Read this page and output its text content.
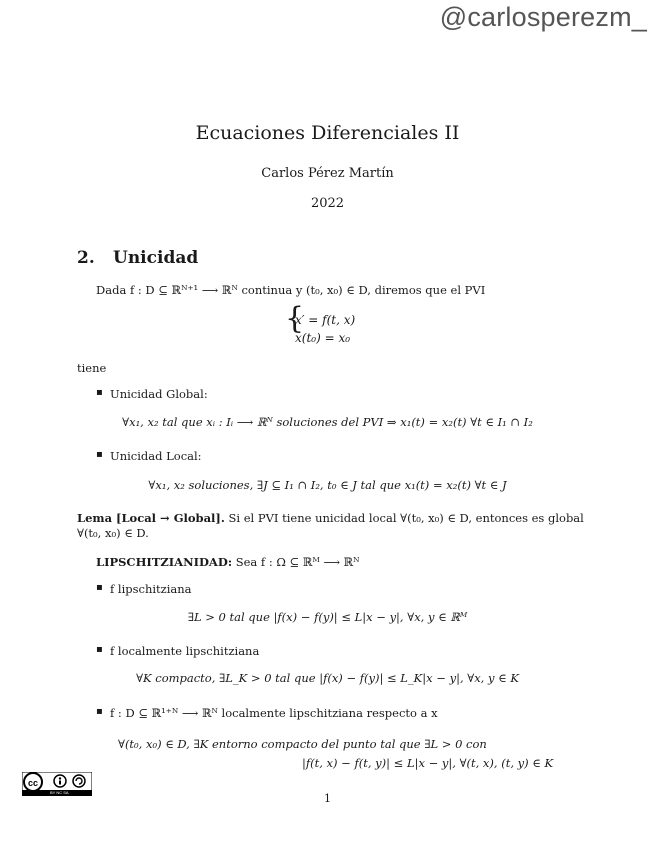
@carlosperezm_
Ecuaciones Diferenciales II
Carlos Pérez Martín
2022
2. Unicidad
Dada f : D ⊆ ℝᴺ⁺¹ ⟶ ℝᴺ continua y (t₀, x₀) ∈ D, diremos que el PVI
{
x′ = f(t, x)
x(t₀) = x₀
tiene
▪ Unicidad Global:
∀x₁, x₂ tal que xᵢ : Iᵢ ⟶ ℝᴺ soluciones del PVI ⇒ x₁(t) = x₂(t) ∀t ∈ I₁ ∩ I₂
▪ Unicidad Local:
∀x₁, x₂ soluciones, ∃J ⊆ I₁ ∩ I₂, t₀ ∈ J tal que x₁(t) = x₂(t) ∀t ∈ J
Lema [Local → Global]. Si el PVI tiene unicidad local ∀(t₀, x₀) ∈ D, entonces es global
∀(t₀, x₀) ∈ D.
LIPSCHITZIANIDAD: Sea f : Ω ⊆ ℝᴹ ⟶ ℝᴺ
▪ f lipschitziana
∃L > 0 tal que |f(x) − f(y)| ≤ L|x − y|, ∀x, y ∈ ℝᴹ
▪ f localmente lipschitziana
∀K compacto, ∃L_K > 0 tal que |f(x) − f(y)| ≤ L_K|x − y|, ∀x, y ∈ K
▪ f : D ⊆ ℝ¹⁺ᴺ ⟶ ℝᴺ localmente lipschitziana respecto a x
∀(t₀, x₀) ∈ D, ∃K entorno compacto del punto tal que ∃L > 0 con
|f(t, x) − f(t, y)| ≤ L|x − y|, ∀(t, x), (t, y) ∈ K
cc
BY NC SA	1
